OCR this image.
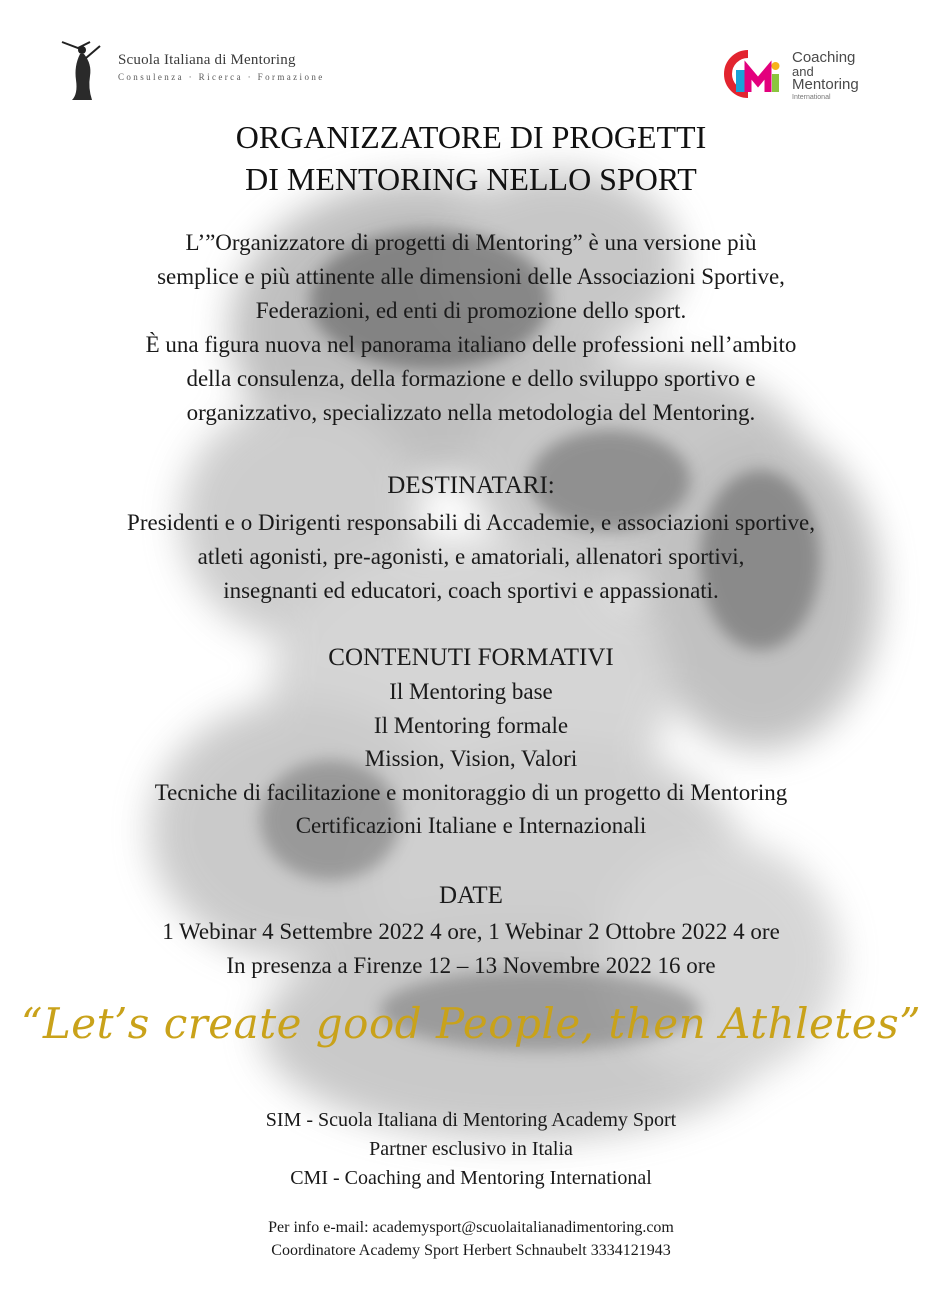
Scuola Italiana di Mentoring
Consulenza · Ricerca · Formazione
Coaching
and
Mentoring
International
ORGANIZZATORE DI PROGETTI
DI MENTORING NELLO SPORT
L’”Organizzatore di progetti di Mentoring” è una versione più
semplice e più attinente alle dimensioni delle Associazioni Sportive,
Federazioni, ed enti di promozione dello sport.
È una figura nuova nel panorama italiano delle professioni nell’ambito
della consulenza, della formazione e dello sviluppo sportivo e
organizzativo, specializzato nella metodologia del Mentoring.
DESTINATARI:
Presidenti e o Dirigenti responsabili di Accademie, e associazioni sportive,
atleti agonisti, pre-agonisti, e amatoriali, allenatori sportivi,
insegnanti ed educatori, coach sportivi e appassionati.
CONTENUTI FORMATIVI
Il Mentoring base
Il Mentoring formale
Mission, Vision, Valori
Tecniche di facilitazione e monitoraggio di un progetto di Mentoring
Certificazioni Italiane e Internazionali
DATE
1 Webinar 4 Settembre 2022 4 ore, 1 Webinar 2 Ottobre 2022 4 ore
In presenza a Firenze 12 – 13 Novembre 2022 16 ore
“Let’s create good People, then Athletes”
SIM - Scuola Italiana di Mentoring Academy Sport
Partner esclusivo in Italia
CMI - Coaching and Mentoring International
Per info e-mail: academysport@scuolaitalianadimentoring.com
Coordinatore Academy Sport Herbert Schnaubelt 3334121943
